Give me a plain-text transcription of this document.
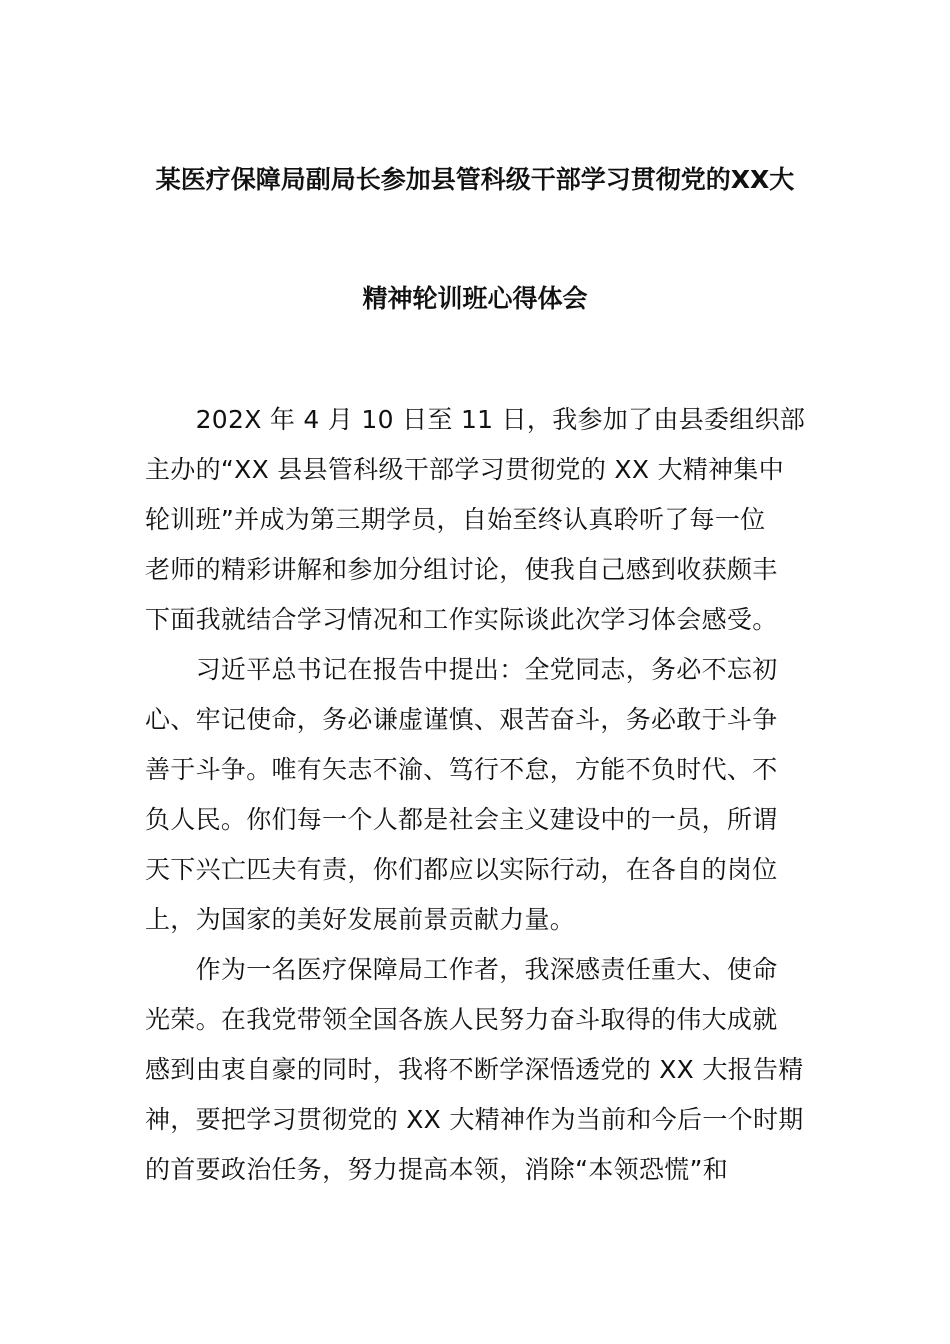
某医疗保障局副局长参加县管科级干部学习贯彻党的XX大
精神轮训班心得体会
　　202X 年 4 月 10 日至 11 日，我参加了由县委组织部
主办的“XX 县县管科级干部学习贯彻党的 XX 大精神集中
轮训班”并成为第三期学员，自始至终认真聆听了每一位
老师的精彩讲解和参加分组讨论，使我自己感到收获颇丰
下面我就结合学习情况和工作实际谈此次学习体会感受。
　　习近平总书记在报告中提出：全党同志，务必不忘初
心、牢记使命，务必谦虚谨慎、艰苦奋斗，务必敢于斗争
善于斗争。唯有矢志不渝、笃行不怠，方能不负时代、不
负人民。你们每一个人都是社会主义建设中的一员，所谓
天下兴亡匹夫有责，你们都应以实际行动，在各自的岗位
上，为国家的美好发展前景贡献力量。
　　作为一名医疗保障局工作者，我深感责任重大、使命
光荣。在我党带领全国各族人民努力奋斗取得的伟大成就
感到由衷自豪的同时，我将不断学深悟透党的 XX 大报告精
神，要把学习贯彻党的 XX 大精神作为当前和今后一个时期
的首要政治任务，努力提高本领，消除“本领恐慌”和
